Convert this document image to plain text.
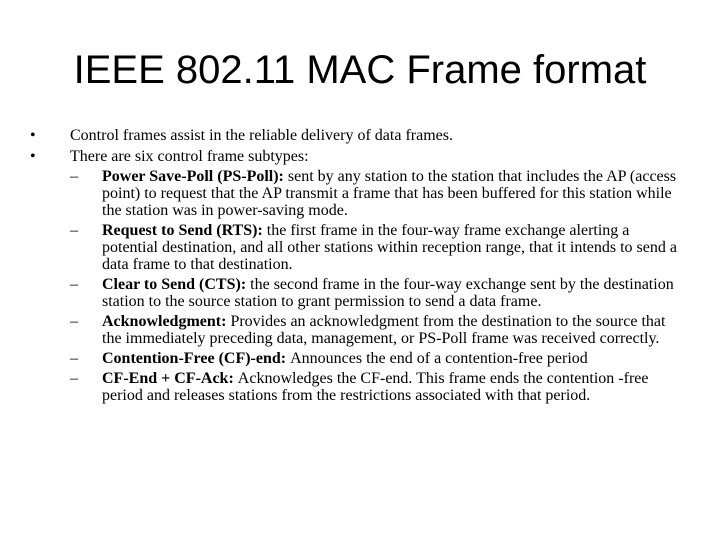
IEEE 802.11 MAC Frame format
•	Control frames assist in the reliable delivery of data frames.
•	There are six control frame subtypes:
– Power Save-Poll (PS-Poll): sent by any station to the station that includes the AP (access point) to request that the AP transmit a frame that has been buffered for this station while the station was in power-saving mode.
– Request to Send (RTS): the first frame in the four-way frame exchange alerting a potential destination, and all other stations within reception range, that it intends to send a data frame to that destination.
– Clear to Send (CTS): the second frame in the four-way exchange sent by the destination station to the source station to grant permission to send a data frame.
– Acknowledgment: Provides an acknowledgment from the destination to the source that the immediately preceding data, management, or PS-Poll frame was received correctly.
– Contention-Free (CF)-end: Announces the end of a contention-free period
– CF-End + CF-Ack: Acknowledges the CF-end. This frame ends the contention -free period and releases stations from the restrictions associated with that period.
